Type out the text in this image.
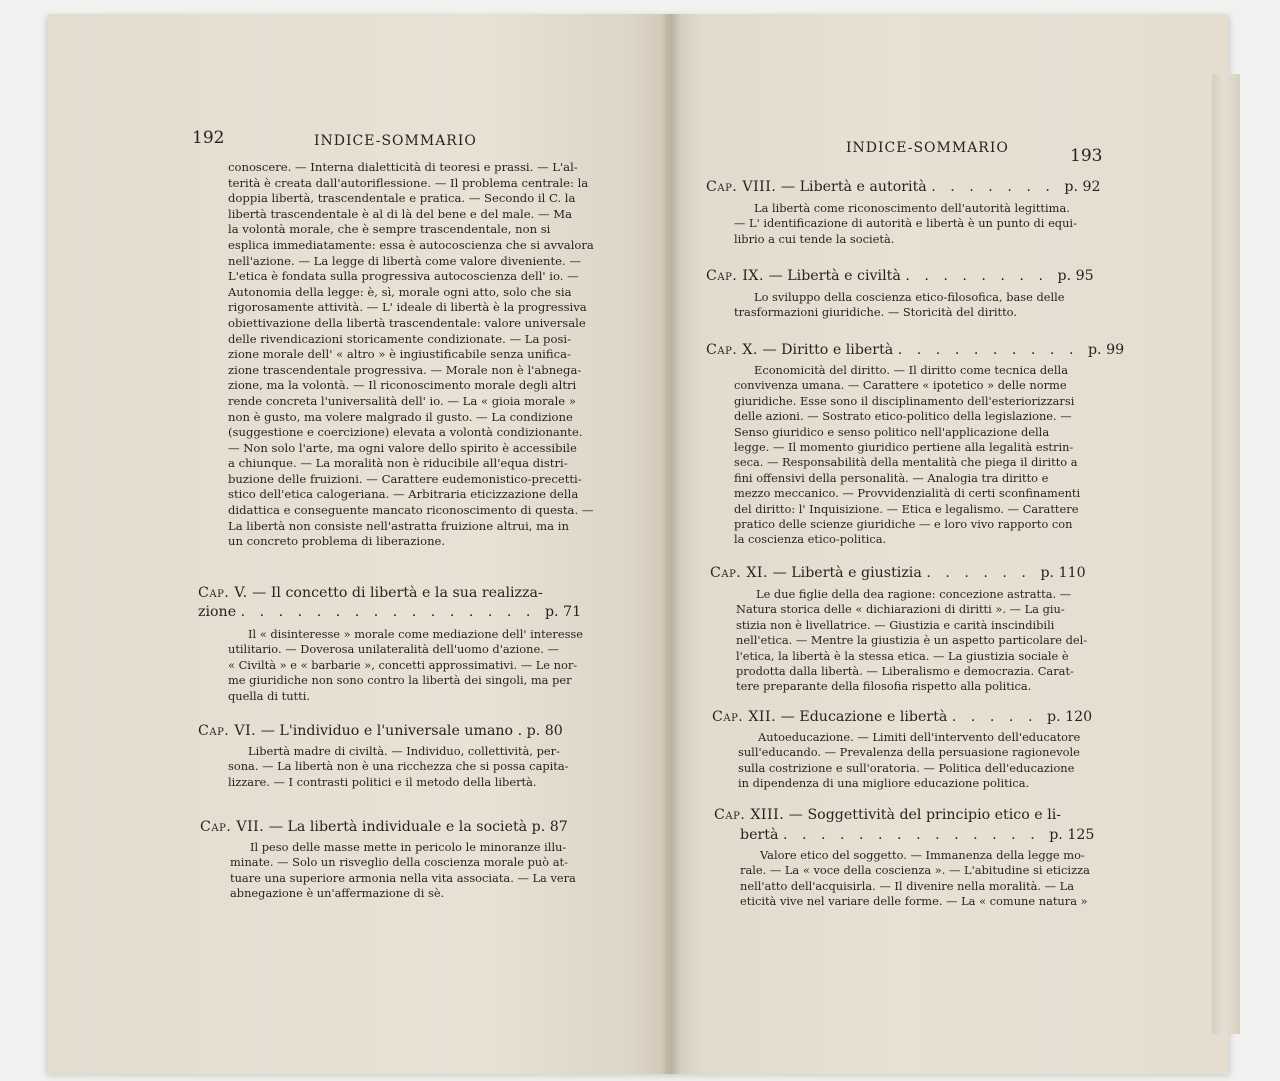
192	INDICE-SOMMARIO
conoscere. — Interna dialetticità di teoresi e prassi. — L'al-
terità è creata dall'autoriflessione. — Il problema centrale: la
doppia libertà, trascendentale e pratica. — Secondo il C. la
libertà trascendentale è al di là del bene e del male. — Ma
la volontà morale, che è sempre trascendentale, non si
esplica immediatamente: essa è autocoscienza che si avvalora
nell'azione. — La legge di libertà come valore diveniente. —
L'etica è fondata sulla progressiva autocoscienza dell' io. —
Autonomia della legge: è, sì, morale ogni atto, solo che sia
rigorosamente attività. — L' ideale di libertà è la progressiva
obiettivazione della libertà trascendentale: valore universale
delle rivendicazioni storicamente condizionate. — La posi-
zione morale dell' « altro » è ingiustificabile senza unifica-
zione trascendentale progressiva. — Morale non è l'abnega-
zione, ma la volontà. — Il riconoscimento morale degli altri
rende concreta l'universalità dell' io. — La « gioia morale »
non è gusto, ma volere malgrado il gusto. — La condizione
(suggestione e coercizione) elevata a volontà condizionante.
— Non solo l'arte, ma ogni valore dello spirito è accessibile
a chiunque. — La moralità non è riducibile all'equa distri-
buzione delle fruizioni. — Carattere eudemonistico-precetti-
stico dell'etica calogeriana. — Arbitraria eticizzazione della
didattica e conseguente mancato riconoscimento di questa. —
La libertà non consiste nell'astratta fruizione altrui, ma in
un concreto problema di liberazione.
Cap. V. — Il concetto di libertà e la sua realizza-
zione . . . . . . . . . . . . . . . . p. 71
Il « disinteresse » morale come mediazione dell' interesse
utilitario. — Doverosa unilateralità dell'uomo d'azione. —
« Civiltà » e « barbarie », concetti approssimativi. — Le nor-
me giuridiche non sono contro la libertà dei singoli, ma per
quella di tutti.
Cap. VI. — L'individuo e l'universale umano . p. 80
Libertà madre di civiltà. — Individuo, collettività, per-
sona. — La libertà non è una ricchezza che si possa capita-
lizzare. — I contrasti politici e il metodo della libertà.
Cap. VII. — La libertà individuale e la società p. 87
Il peso delle masse mette in pericolo le minoranze illu-
minate. — Solo un risveglio della coscienza morale può at-
tuare una superiore armonia nella vita associata. — La vera
abnegazione è un'affermazione di sè.
INDICE-SOMMARIO	193
Cap. VIII. — Libertà e autorità . . . . . . . p. 92
La libertà come riconoscimento dell'autorità legittima.
— L' identificazione di autorità e libertà è un punto di equi-
librio a cui tende la società.
Cap. IX. — Libertà e civiltà . . . . . . . . p. 95
Lo sviluppo della coscienza etico-filosofica, base delle
trasformazioni giuridiche. — Storicità del diritto.
Cap. X. — Diritto e libertà . . . . . . . . . . p. 99
Economicità del diritto. — Il diritto come tecnica della
convivenza umana. — Carattere « ipotetico » delle norme
giuridiche. Esse sono il disciplinamento dell'esteriorizzarsi
delle azioni. — Sostrato etico-politico della legislazione. —
Senso giuridico e senso politico nell'applicazione della
legge. — Il momento giuridico pertiene alla legalità estrin-
seca. — Responsabilità della mentalità che piega il diritto a
fini offensivi della personalità. — Analogia tra diritto e
mezzo meccanico. — Provvidenzialità di certi sconfinamenti
del diritto: l' Inquisizione. — Etica e legalismo. — Carattere
pratico delle scienze giuridiche — e loro vivo rapporto con
la coscienza etico-politica.
Cap. XI. — Libertà e giustizia . . . . . . p. 110
Le due figlie della dea ragione: concezione astratta. —
Natura storica delle « dichiarazioni di diritti ». — La giu-
stizia non è livellatrice. — Giustizia e carità inscindibili
nell'etica. — Mentre la giustizia è un aspetto particolare del-
l'etica, la libertà è la stessa etica. — La giustizia sociale è
prodotta dalla libertà. — Liberalismo e democrazia. Carat-
tere preparante della filosofia rispetto alla politica.
Cap. XII. — Educazione e libertà . . . . . p. 120
Autoeducazione. — Limiti dell'intervento dell'educatore
sull'educando. — Prevalenza della persuasione ragionevole
sulla costrizione e sull'oratoria. — Politica dell'educazione
in dipendenza di una migliore educazione politica.
Cap. XIII. — Soggettività del principio etico e li-
bertà . . . . . . . . . . . . . . p. 125
Valore etico del soggetto. — Immanenza della legge mo-
rale. — La « voce della coscienza ». — L'abitudine si eticizza
nell'atto dell'acquisirla. — Il divenire nella moralità. — La
eticità vive nel variare delle forme. — La « comune natura »
